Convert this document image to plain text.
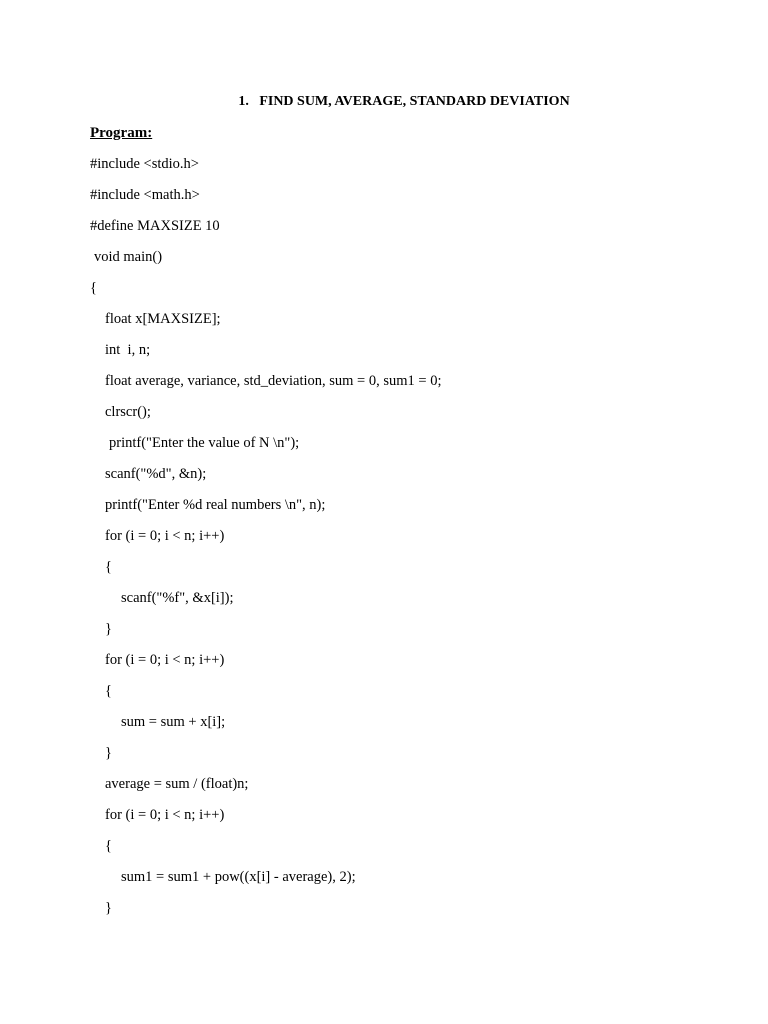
1.   FIND SUM, AVERAGE, STANDARD DEVIATION
Program:
#include <stdio.h>
#include <math.h>
#define MAXSIZE 10
void main()
{
float x[MAXSIZE];
int  i, n;
float average, variance, std_deviation, sum = 0, sum1 = 0;
clrscr();
printf("Enter the value of N \n");
scanf("%d", &n);
printf("Enter %d real numbers \n", n);
for (i = 0; i < n; i++)
{
scanf("%f", &x[i]);
}
for (i = 0; i < n; i++)
{
sum = sum + x[i];
}
average = sum / (float)n;
for (i = 0; i < n; i++)
{
sum1 = sum1 + pow((x[i] - average), 2);
}
